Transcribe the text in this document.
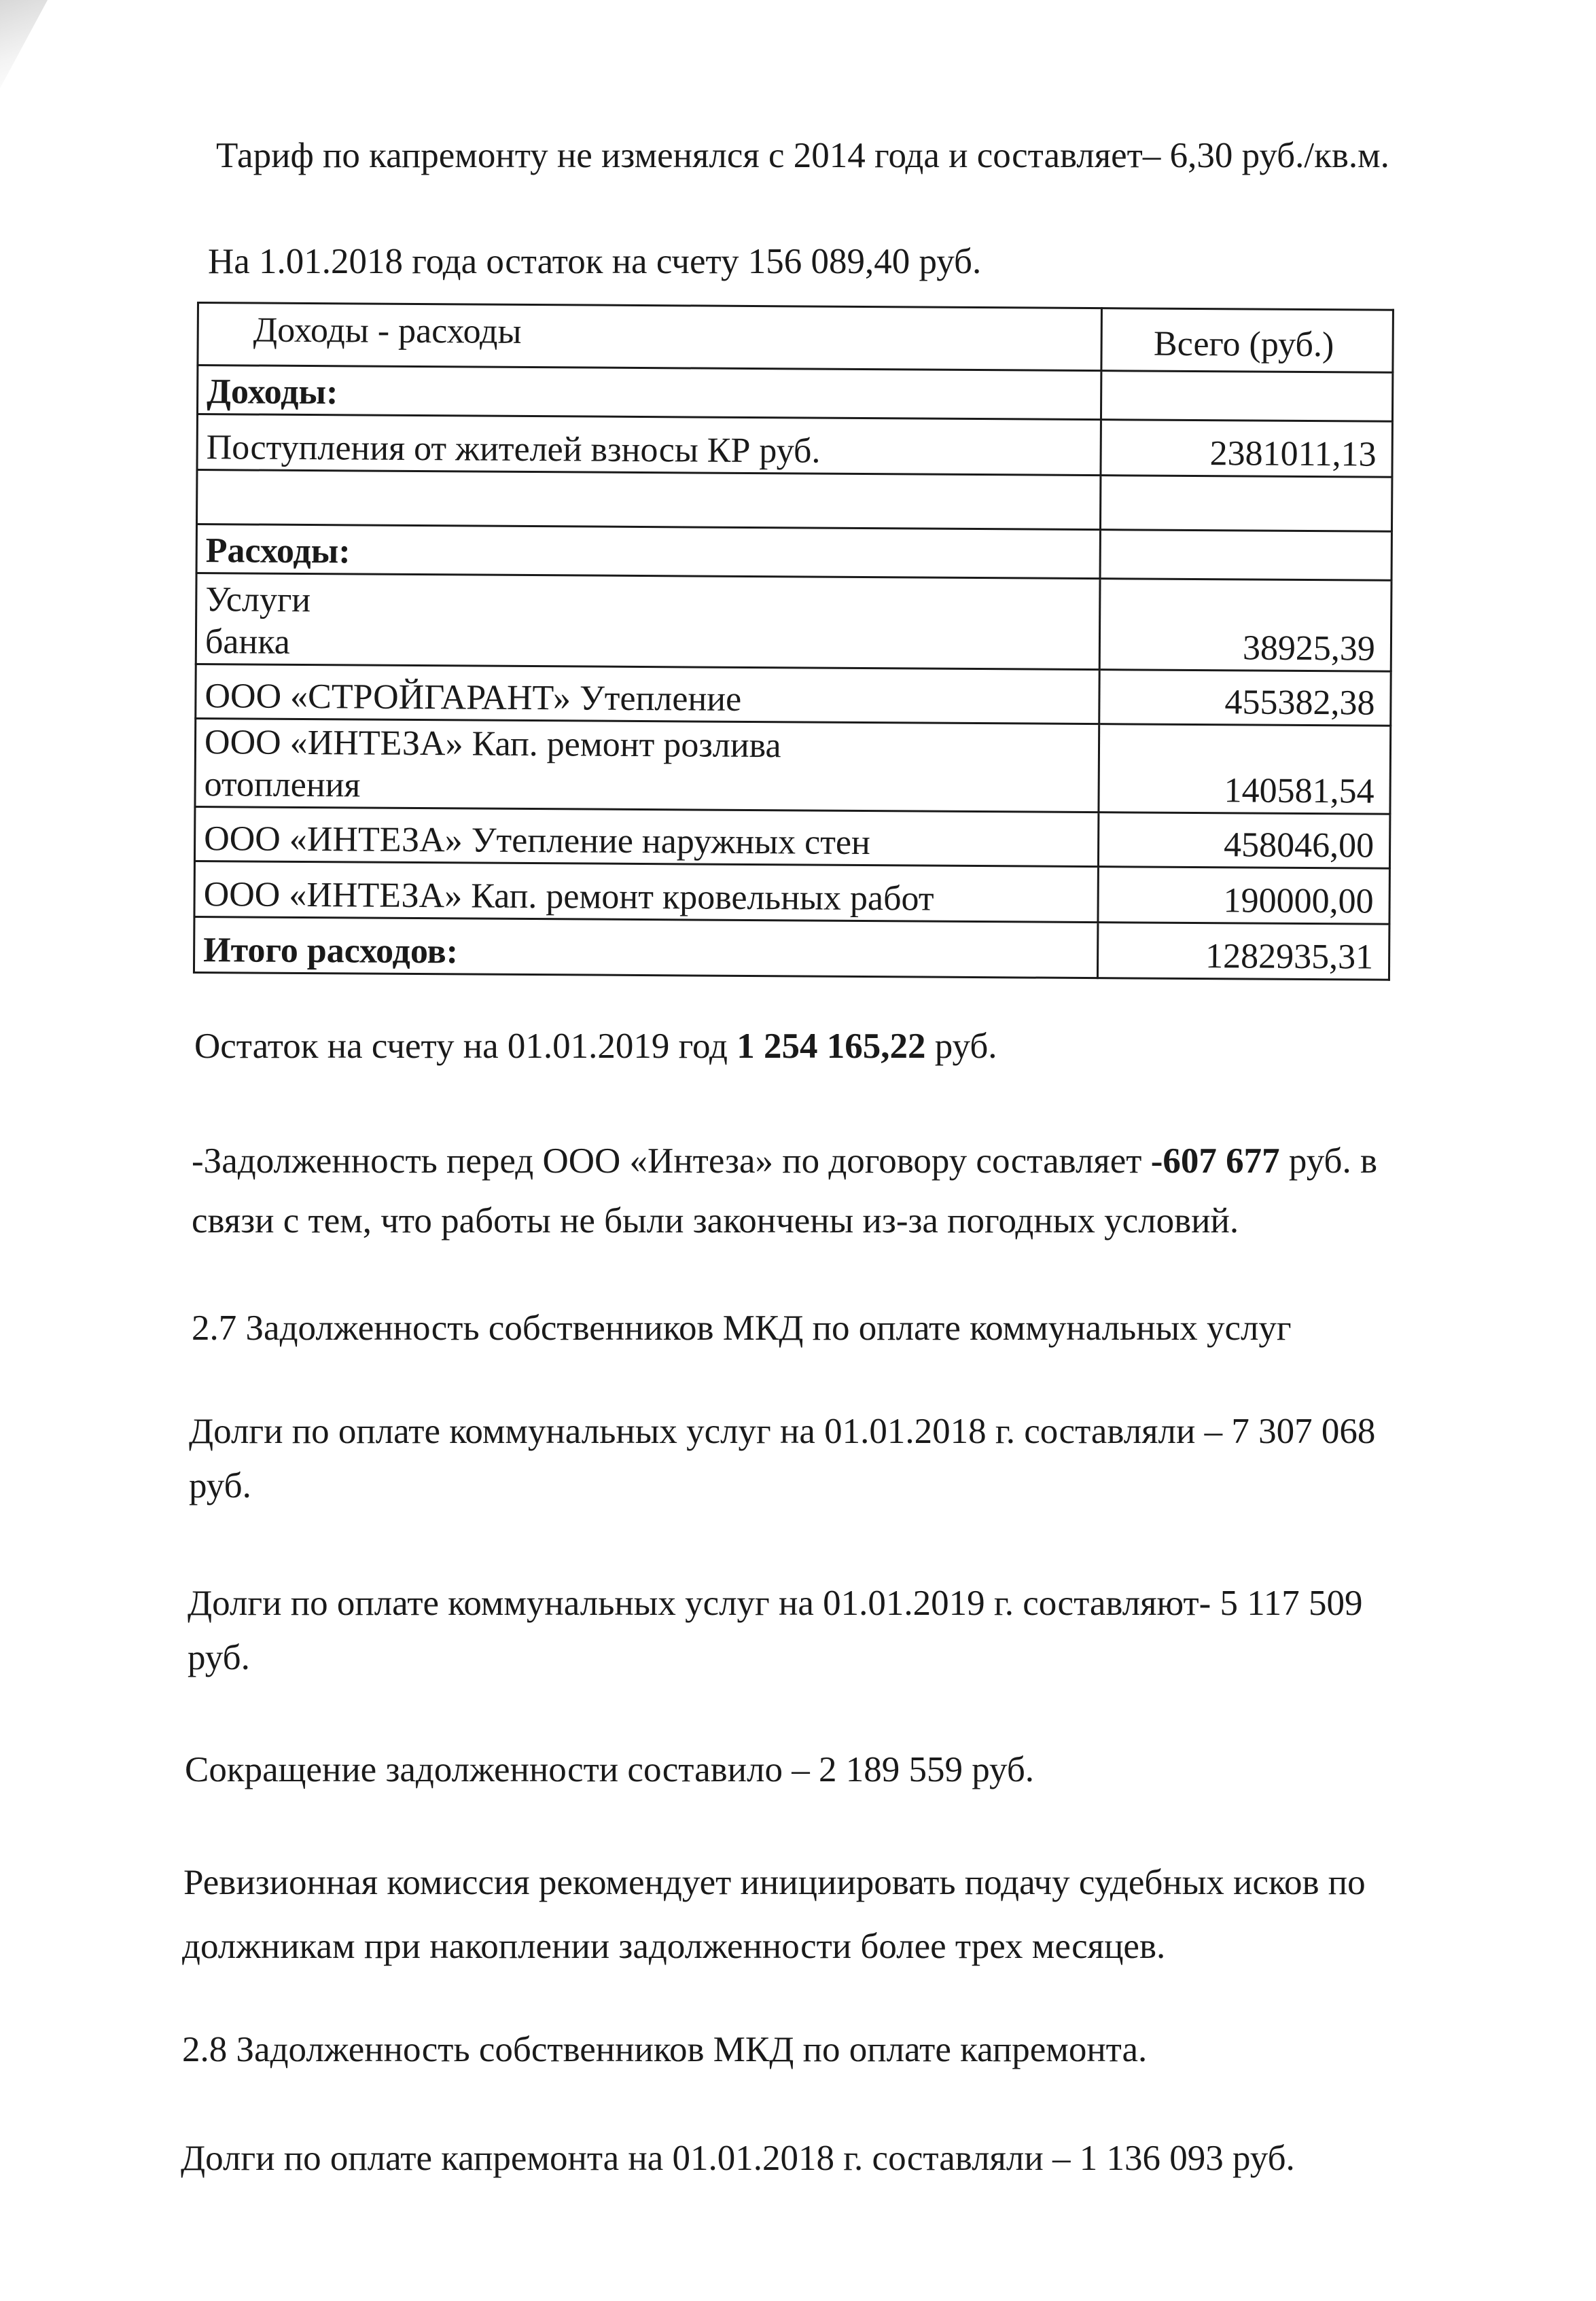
Тариф по капремонту не изменялся с 2014 года и составляет– 6,30 руб./кв.м.
На 1.01.2018 года остаток на счету 156 089,40 руб.
Доходы - расходы	Всего (руб.)
Доходы:	
Поступления от жителей взносы КР руб.	2381011,13

Расходы:	
Услуги
банка	38925,39
ООО «СТРОЙГАРАНТ» Утепление	455382,38
ООО «ИНТЕЗА» Кап. ремонт розлива
отопления	140581,54
ООО «ИНТЕЗА» Утепление наружных стен	458046,00
ООО «ИНТЕЗА» Кап. ремонт кровельных работ	190000,00
Итого расходов:	1282935,31
Остаток на счету на 01.01.2019 год 1 254 165,22 руб.
-Задолженность перед ООО «Интеза» по договору составляет -607 677 руб. в
связи с тем, что работы не были закончены из-за погодных условий.
2.7 Задолженность собственников МКД по оплате коммунальных услуг
Долги по оплате коммунальных услуг на 01.01.2018 г. составляли – 7 307 068
руб.
Долги по оплате коммунальных услуг на 01.01.2019 г. составляют- 5 117 509
руб.
Сокращение задолженности составило – 2 189 559 руб.
Ревизионная комиссия рекомендует инициировать подачу судебных исков по
должникам при накоплении задолженности более трех месяцев.
2.8 Задолженность собственников МКД по оплате капремонта.
Долги по оплате капремонта на 01.01.2018 г. составляли – 1 136 093 руб.
